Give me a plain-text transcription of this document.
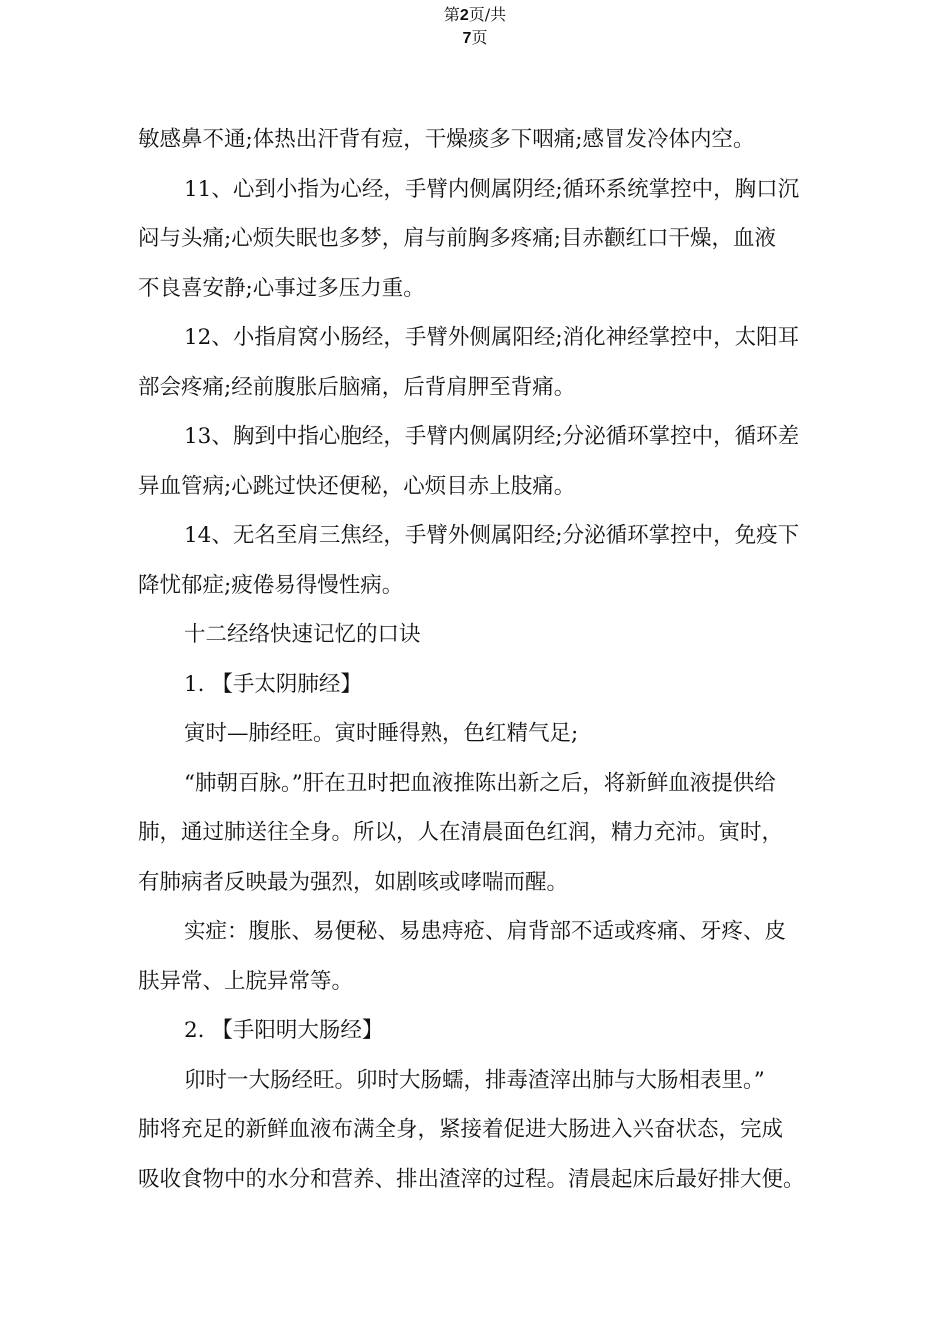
第2页/共
7页

敏感鼻不通;体热出汗背有痘，干燥痰多下咽痛;感冒发冷体内空。

11、心到小指为心经，手臂内侧属阴经;循环系统掌控中，胸口沉

闷与头痛;心烦失眠也多梦，肩与前胸多疼痛;目赤颧红口干燥，血液

不良喜安静;心事过多压力重。

12、小指肩窝小肠经，手臂外侧属阳经;消化神经掌控中，太阳耳

部会疼痛;经前腹胀后脑痛，后背肩胛至背痛。

13、胸到中指心胞经，手臂内侧属阴经;分泌循环掌控中，循环差

异血管病;心跳过快还便秘，心烦目赤上肢痛。

14、无名至肩三焦经，手臂外侧属阳经;分泌循环掌控中，免疫下

降忧郁症;疲倦易得慢性病。

十二经络快速记忆的口诀

1. 【手太阴肺经】

寅时—肺经旺。寅时睡得熟，色红精气足;

“肺朝百脉。”肝在丑时把血液推陈出新之后，将新鲜血液提供给

肺，通过肺送往全身。所以，人在清晨面色红润，精力充沛。寅时，

有肺病者反映最为强烈，如剧咳或哮喘而醒。

实症：腹胀、易便秘、易患痔疮、肩背部不适或疼痛、牙疼、皮

肤异常、上脘异常等。

2. 【手阳明大肠经】

卯时一大肠经旺。卯时大肠蠕，排毒渣滓出肺与大肠相表里。”

肺将充足的新鲜血液布满全身，紧接着促进大肠进入兴奋状态，完成

吸收食物中的水分和营养、排出渣滓的过程。清晨起床后最好排大便。
